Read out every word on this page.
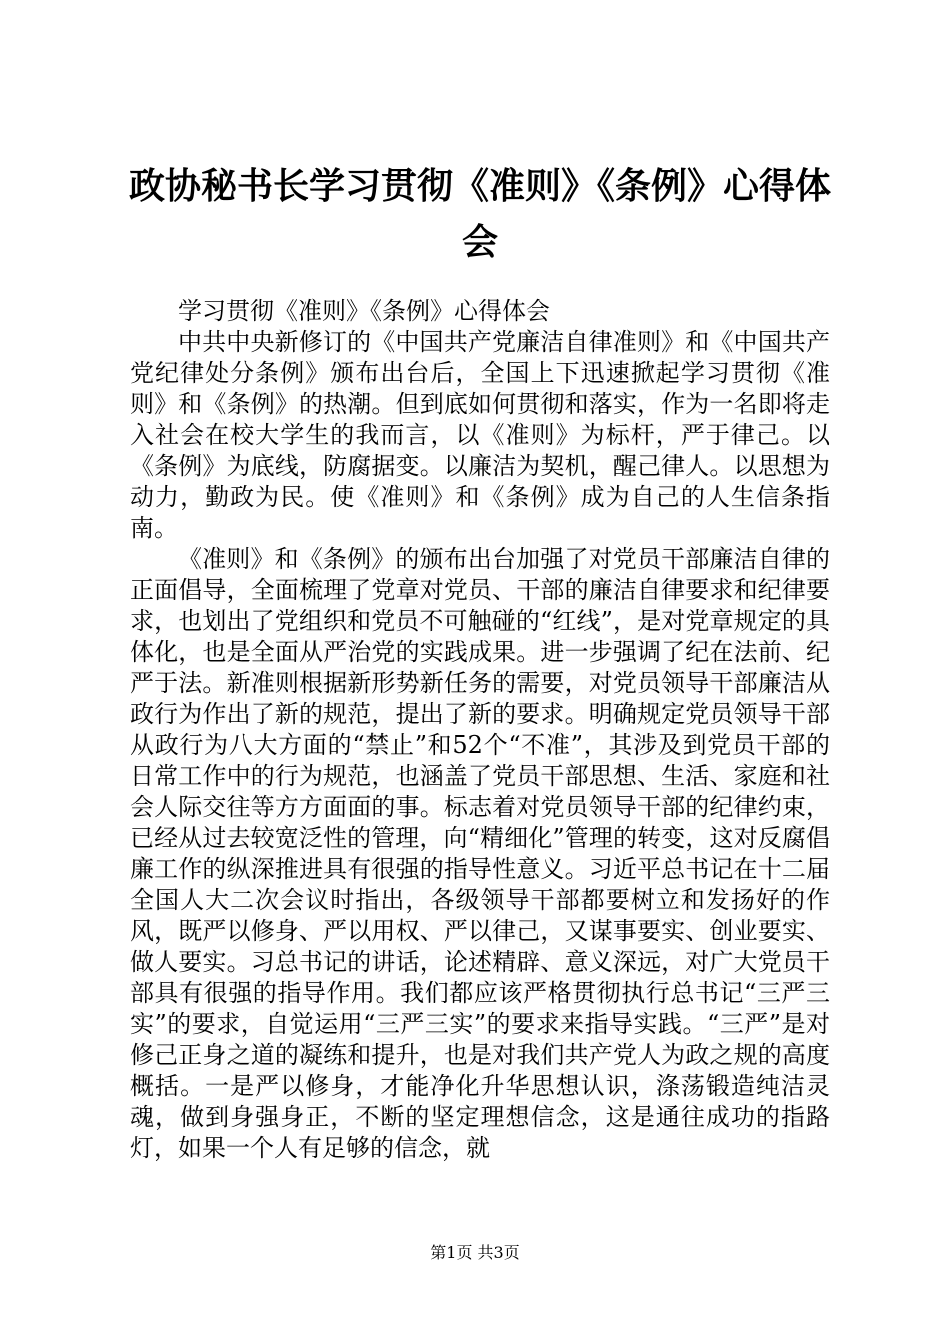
政协秘书长学习贯彻《准则》《条例》心得体会

学习贯彻《准则》《条例》心得体会

中共中央新修订的《中国共产党廉洁自律准则》和《中国共产党纪律处分条例》颁布出台后，全国上下迅速掀起学习贯彻《准则》和《条例》的热潮。但到底如何贯彻和落实，作为一名即将走入社会在校大学生的我而言，以《准则》为标杆，严于律己。以《条例》为底线，防腐据变。以廉洁为契机，醒己律人。以思想为动力，勤政为民。使《准则》和《条例》成为自己的人生信条指南。

《准则》和《条例》的颁布出台加强了对党员干部廉洁自律的正面倡导，全面梳理了党章对党员、干部的廉洁自律要求和纪律要求，也划出了党组织和党员不可触碰的“红线”，是对党章规定的具体化，也是全面从严治党的实践成果。进一步强调了纪在法前、纪严于法。新准则根据新形势新任务的需要，对党员领导干部廉洁从政行为作出了新的规范，提出了新的要求。明确规定党员领导干部从政行为八大方面的“禁止”和52个“不准”，其涉及到党员干部的日常工作中的行为规范，也涵盖了党员干部思想、生活、家庭和社会人际交往等方方面面的事。标志着对党员领导干部的纪律约束，已经从过去较宽泛性的管理，向“精细化”管理的转变，这对反腐倡廉工作的纵深推进具有很强的指导性意义。习近平总书记在十二届全国人大二次会议时指出，各级领导干部都要树立和发扬好的作风，既严以修身、严以用权、严以律己，又谋事要实、创业要实、做人要实。习总书记的讲话，论述精辟、意义深远，对广大党员干部具有很强的指导作用。我们都应该严格贯彻执行总书记“三严三实”的要求，自觉运用“三严三实”的要求来指导实践。“三严”是对修己正身之道的凝练和提升，也是对我们共产党人为政之规的高度概括。一是严以修身，才能净化升华思想认识，涤荡锻造纯洁灵魂，做到身强身正，不断的坚定理想信念，这是通往成功的指路灯，如果一个人有足够的信念，就

第1页 共3页
